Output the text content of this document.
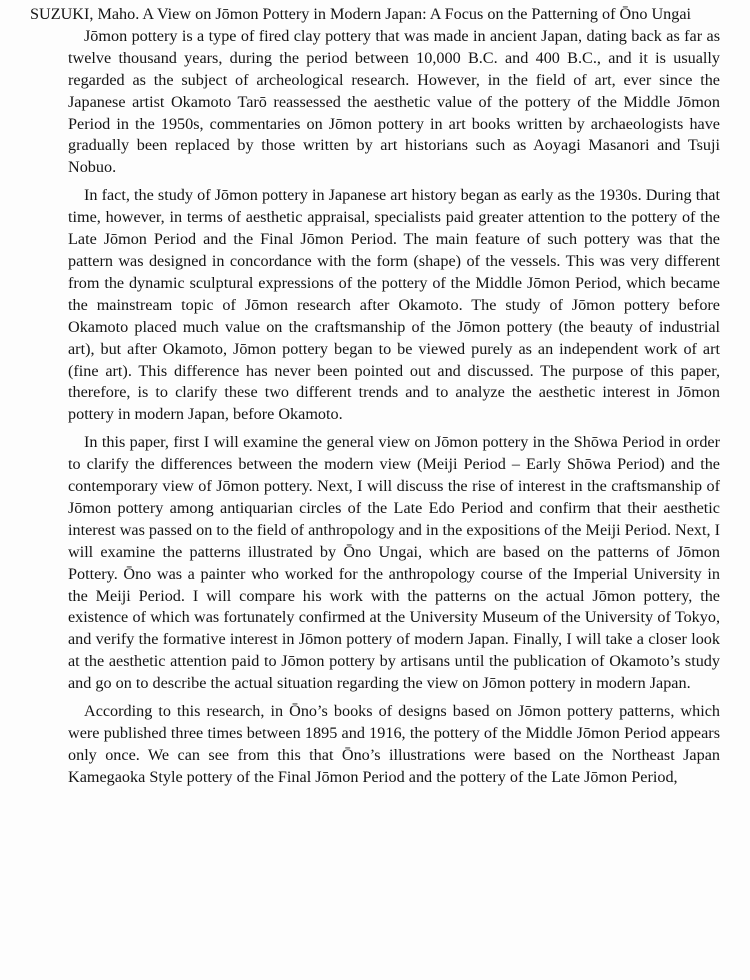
SUZUKI, Maho. A View on Jōmon Pottery in Modern Japan: A Focus on the Patterning of Ōno Ungai

Jōmon pottery is a type of fired clay pottery that was made in ancient Japan, dating back as far as twelve thousand years, during the period between 10,000 B.C. and 400 B.C., and it is usually regarded as the subject of archeological research. However, in the field of art, ever since the Japanese artist Okamoto Tarō reassessed the aesthetic value of the pottery of the Middle Jōmon Period in the 1950s, commentaries on Jōmon pottery in art books written by archaeologists have gradually been replaced by those written by art historians such as Aoyagi Masanori and Tsuji Nobuo.

In fact, the study of Jōmon pottery in Japanese art history began as early as the 1930s. During that time, however, in terms of aesthetic appraisal, specialists paid greater attention to the pottery of the Late Jōmon Period and the Final Jōmon Period. The main feature of such pottery was that the pattern was designed in concordance with the form (shape) of the vessels. This was very different from the dynamic sculptural expressions of the pottery of the Middle Jōmon Period, which became the mainstream topic of Jōmon research after Okamoto. The study of Jōmon pottery before Okamoto placed much value on the craftsmanship of the Jōmon pottery (the beauty of industrial art), but after Okamoto, Jōmon pottery began to be viewed purely as an independent work of art (fine art). This difference has never been pointed out and discussed. The purpose of this paper, therefore, is to clarify these two different trends and to analyze the aesthetic interest in Jōmon pottery in modern Japan, before Okamoto.

In this paper, first I will examine the general view on Jōmon pottery in the Shōwa Period in order to clarify the differences between the modern view (Meiji Period – Early Shōwa Period) and the contemporary view of Jōmon pottery. Next, I will discuss the rise of interest in the craftsmanship of Jōmon pottery among antiquarian circles of the Late Edo Period and confirm that their aesthetic interest was passed on to the field of anthropology and in the expositions of the Meiji Period. Next, I will examine the patterns illustrated by Ōno Ungai, which are based on the patterns of Jōmon Pottery. Ōno was a painter who worked for the anthropology course of the Imperial University in the Meiji Period. I will compare his work with the patterns on the actual Jōmon pottery, the existence of which was fortunately confirmed at the University Museum of the University of Tokyo, and verify the formative interest in Jōmon pottery of modern Japan. Finally, I will take a closer look at the aesthetic attention paid to Jōmon pottery by artisans until the publication of Okamoto’s study and go on to describe the actual situation regarding the view on Jōmon pottery in modern Japan.

According to this research, in Ōno’s books of designs based on Jōmon pottery patterns, which were published three times between 1895 and 1916, the pottery of the Middle Jōmon Period appears only once. We can see from this that Ōno’s illustrations were based on the Northeast Japan Kamegaoka Style pottery of the Final Jōmon Period and the pottery of the Late Jōmon Period,
